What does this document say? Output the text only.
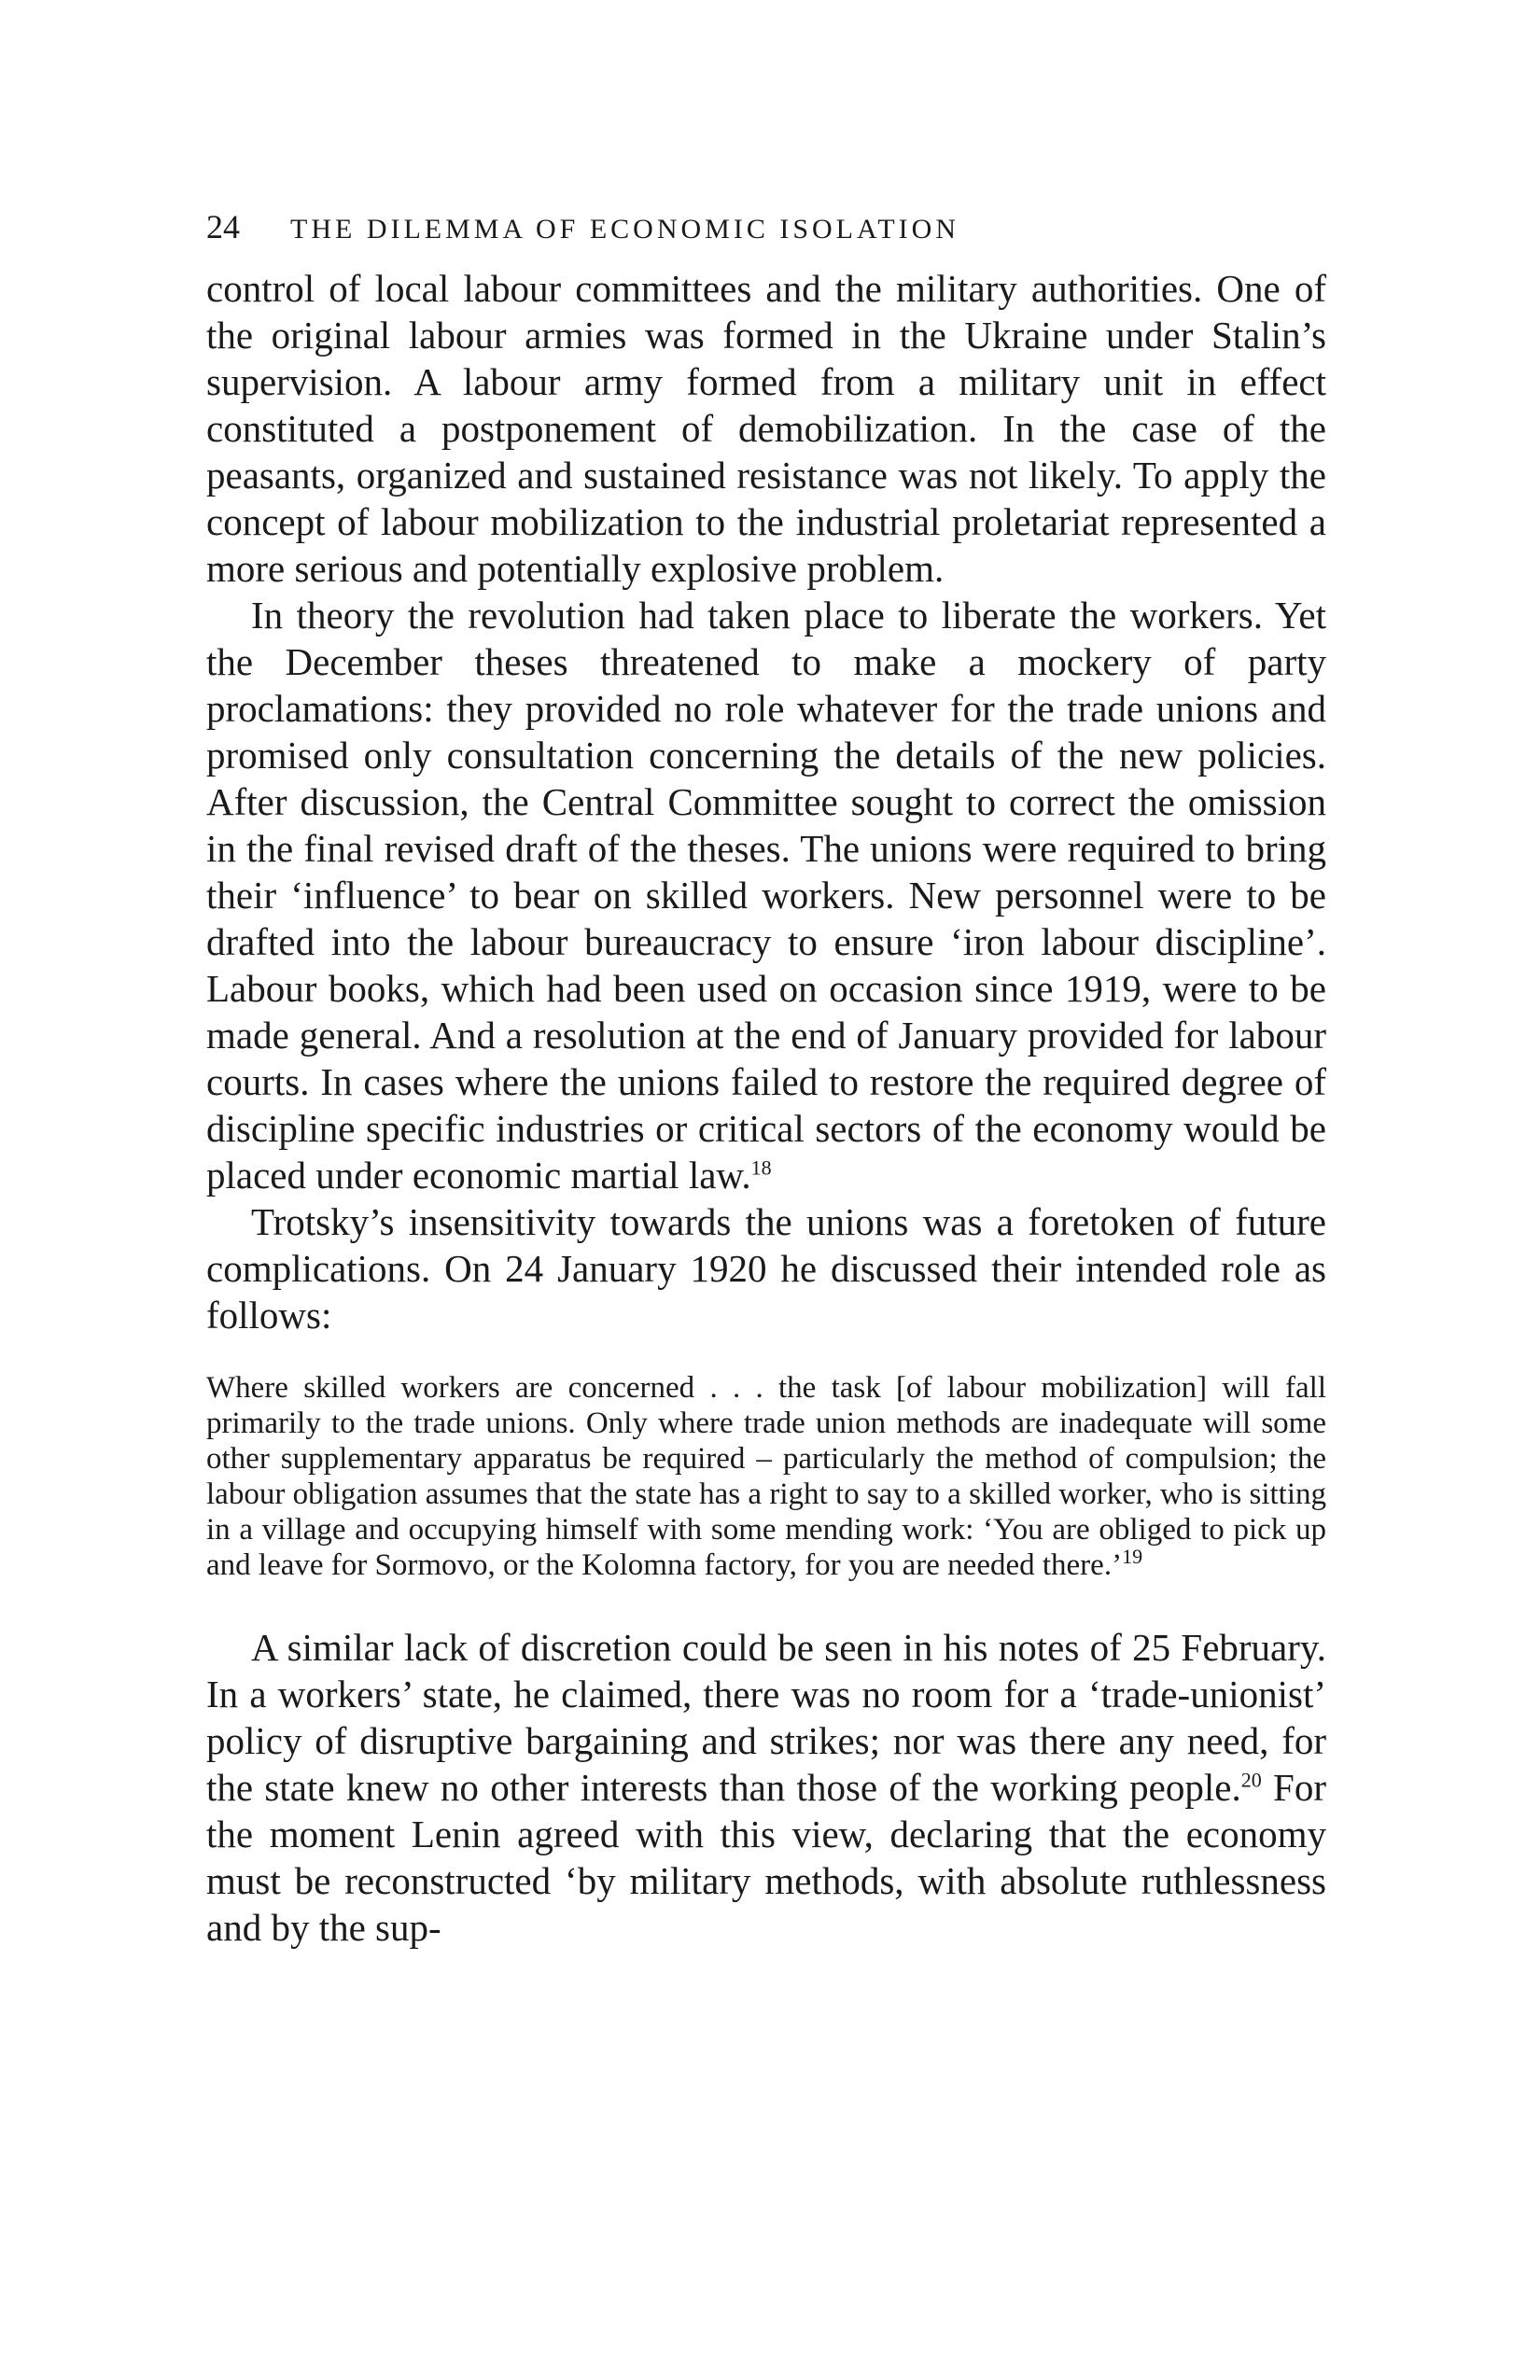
24	THE DILEMMA OF ECONOMIC ISOLATION

control of local labour committees and the military authorities. One of the original labour armies was formed in the Ukraine under Stalin’s supervision. A labour army formed from a military unit in effect constituted a postponement of demobilization. In the case of the peasants, organized and sustained resistance was not likely. To apply the concept of labour mobilization to the industrial proletariat represented a more serious and potentially explosive problem.

In theory the revolution had taken place to liberate the workers. Yet the December theses threatened to make a mockery of party proclamations: they provided no role whatever for the trade unions and promised only consultation concerning the details of the new policies. After discussion, the Central Committee sought to correct the omission in the final revised draft of the theses. The unions were required to bring their ‘influence’ to bear on skilled workers. New personnel were to be drafted into the labour bureaucracy to ensure ‘iron labour discipline’. Labour books, which had been used on occasion since 1919, were to be made general. And a resolution at the end of January provided for labour courts. In cases where the unions failed to restore the required degree of discipline specific industries or critical sectors of the economy would be placed under economic martial law.$^{18}$

Trotsky’s insensitivity towards the unions was a foretoken of future complications. On 24 January 1920 he discussed their intended role as follows:

Where skilled workers are concerned . . . the task [of labour mobilization] will fall primarily to the trade unions. Only where trade union methods are inadequate will some other supplementary apparatus be required – particularly the method of compulsion; the labour obligation assumes that the state has a right to say to a skilled worker, who is sitting in a village and occupying himself with some mending work: ‘You are obliged to pick up and leave for Sormovo, or the Kolomna factory, for you are needed there.’$^{19}$

A similar lack of discretion could be seen in his notes of 25 February. In a workers’ state, he claimed, there was no room for a ‘trade-unionist’ policy of disruptive bargaining and strikes; nor was there any need, for the state knew no other interests than those of the working people.$^{20}$ For the moment Lenin agreed with this view, declaring that the economy must be reconstructed ‘by military methods, with absolute ruthlessness and by the sup-
